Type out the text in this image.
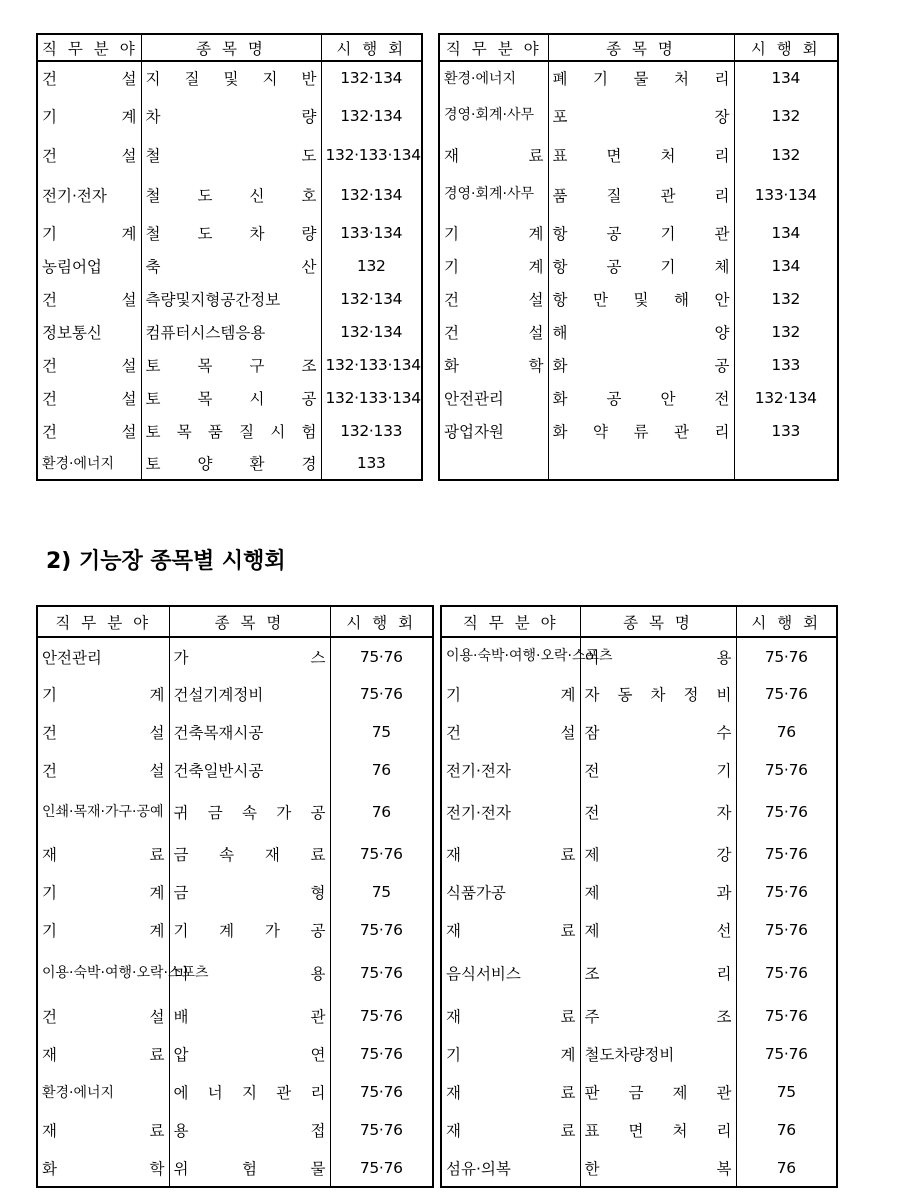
직 무 분 야	종 목 명	시 행 회
건 설	지 질 및 지 반	132·134
기 계	차 량	132·134
건 설	철 도	132·133·134
전기·전자	철 도 신 호	132·134
기 계	철 도 차 량	133·134
농림어업	축 산	132
건 설	측량및지형공간정보	132·134
정보통신	컴퓨터시스템응용	132·134
건 설	토 목 구 조	132·133·134
건 설	토 목 시 공	132·133·134
건 설	토 목 품 질 시 험	132·133
환경·에너지	토 양 환 경	133
직 무 분 야	종 목 명	시 행 회
환경·에너지	폐 기 물 처 리	134
경영·회계·사무	포 장	132
재 료	표 면 처 리	132
경영·회계·사무	품 질 관 리	133·134
기 계	항 공 기 관	134
기 계	항 공 기 체	134
건 설	항 만 및 해 안	132
건 설	해 양	132
화 학	화 공	133
안전관리	화 공 안 전	132·134
광업자원	화 약 류 관 리	133

2) 기능장 종목별 시행회
직 무 분 야	종 목 명	시 행 회
안전관리	가 스	75·76
기 계	건설기계정비	75·76
건 설	건축목재시공	75
건 설	건축일반시공	76
인쇄·목재·가구·공예	귀 금 속 가 공	76
재 료	금 속 재 료	75·76
기 계	금 형	75
기 계	기 계 가 공	75·76
이용·숙박·여행·오락·스포츠	미 용	75·76
건 설	배 관	75·76
재 료	압 연	75·76
환경·에너지	에 너 지 관 리	75·76
재 료	용 접	75·76
화 학	위 험 물	75·76
직 무 분 야	종 목 명	시 행 회
이용·숙박·여행·오락·스포츠	이 용	75·76
기 계	자 동 차 정 비	75·76
건 설	잠 수	76
전기·전자	전 기	75·76
전기·전자	전 자	75·76
재 료	제 강	75·76
식품가공	제 과	75·76
재 료	제 선	75·76
음식서비스	조 리	75·76
재 료	주 조	75·76
기 계	철도차량정비	75·76
재 료	판 금 제 관	75
재 료	표 면 처 리	76
섬유·의복	한 복	76
